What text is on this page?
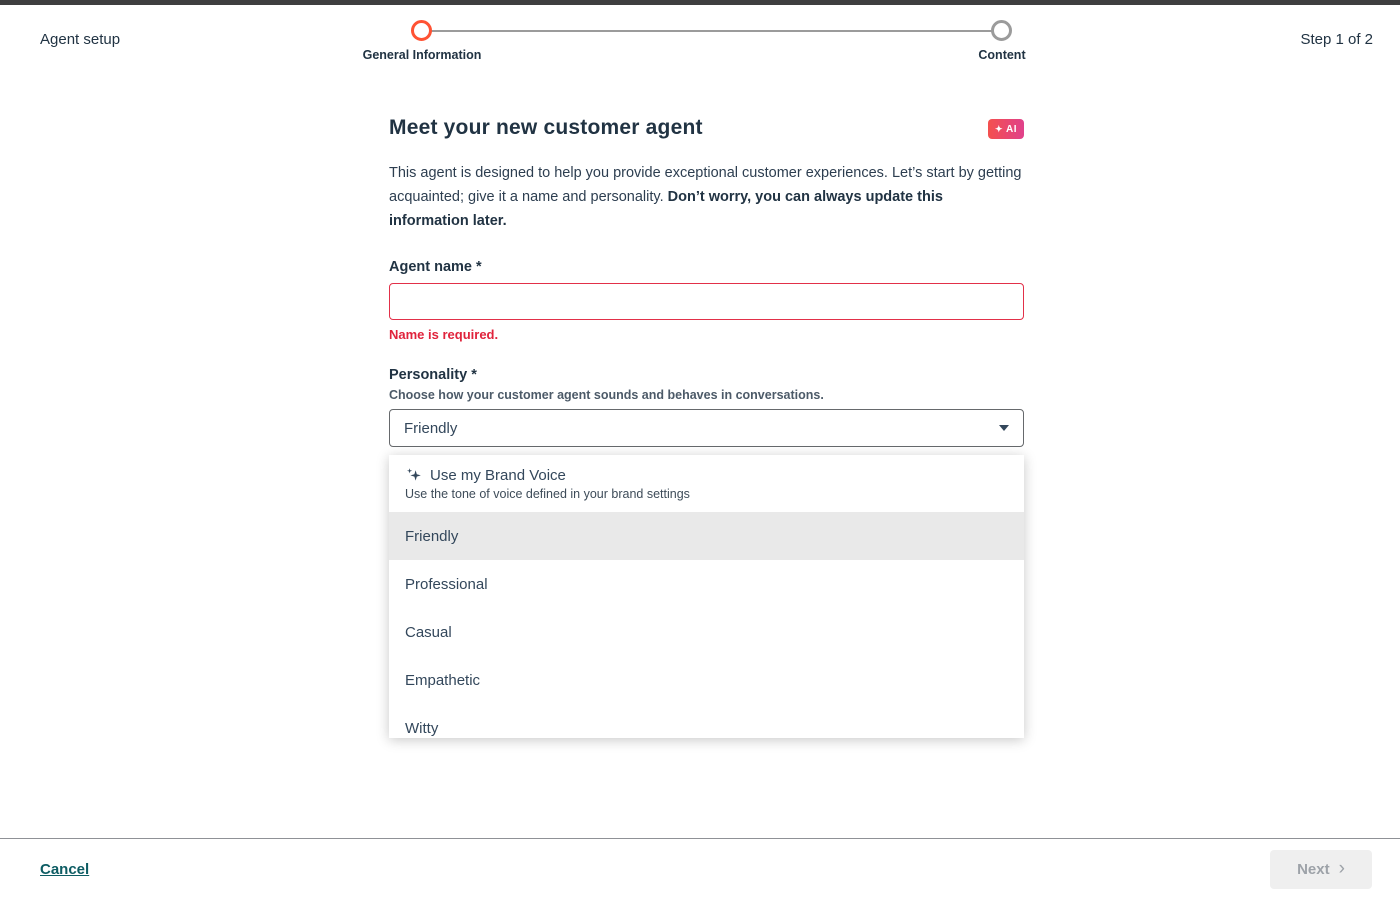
Agent setup
General Information	Content
Step 1 of 2
Meet your new customer agent	✦ AI
This agent is designed to help you provide exceptional customer experiences. Let’s start by getting acquainted; give it a name and personality. Don’t worry, you can always update this information later.
Agent name *
Name is required.
Personality *
Choose how your customer agent sounds and behaves in conversations.
Friendly
Use my Brand Voice
Use the tone of voice defined in your brand settings
Friendly
Professional
Casual
Empathetic
Witty
Cancel	Next ›
